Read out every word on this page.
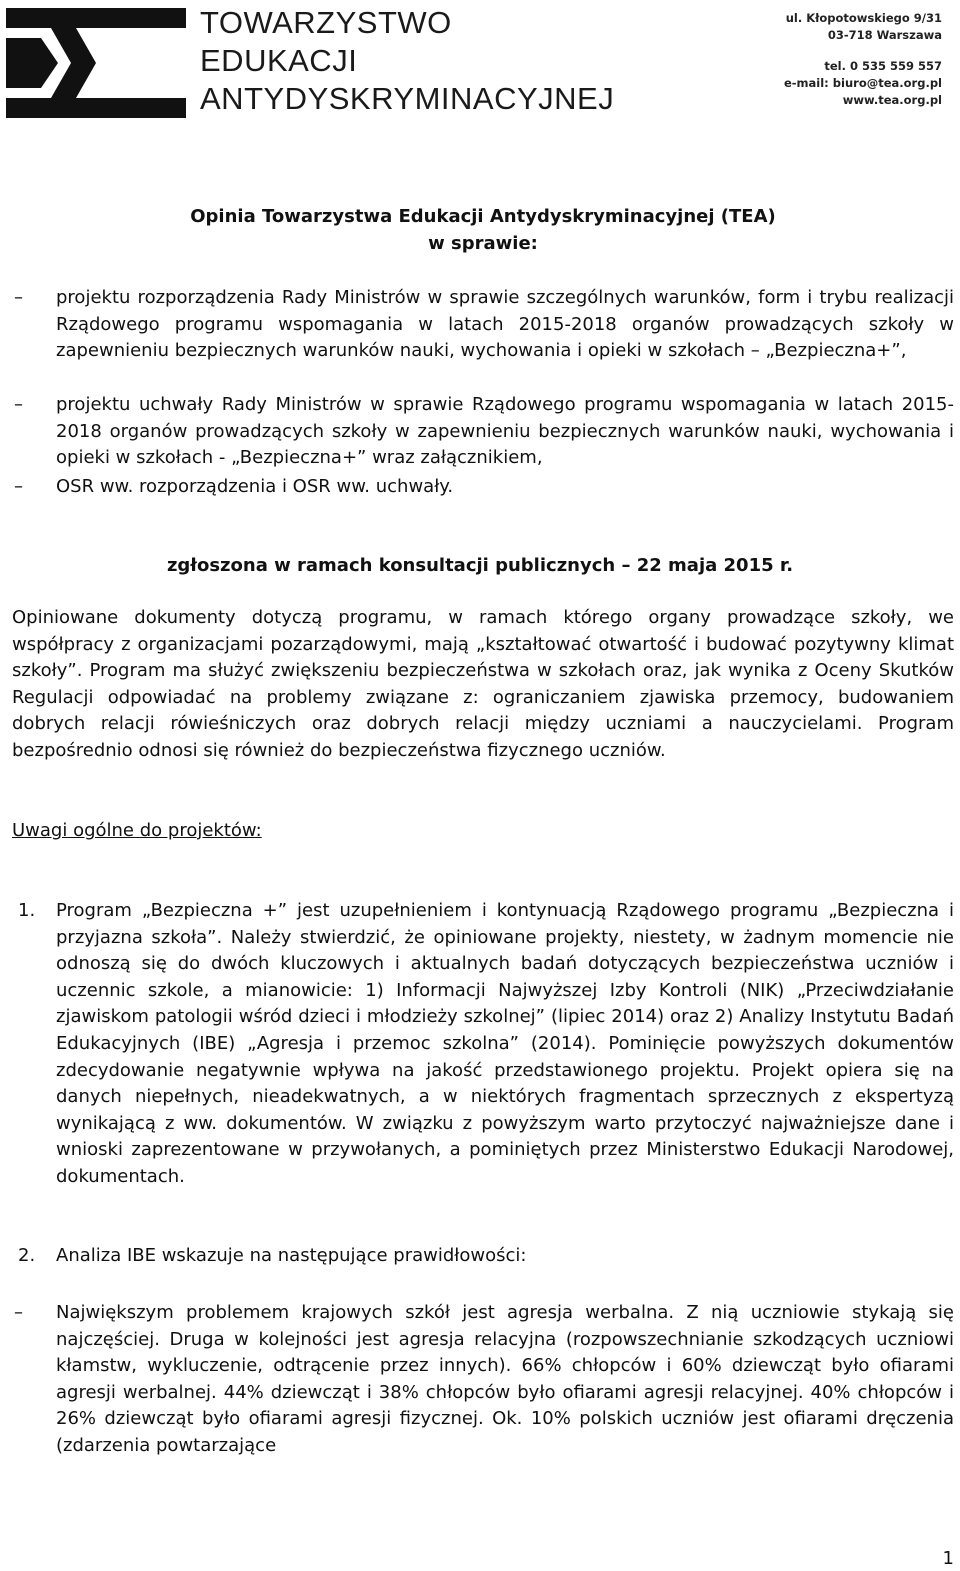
TOWARZYSTWO
EDUKACJI
ANTYDYSKRYMINACYJNEJ
ul. Kłopotowskiego 9/31
03-718 Warszawa
tel. 0 535 559 557
e-mail: biuro@tea.org.pl
www.tea.org.pl
Opinia Towarzystwa Edukacji Antydyskryminacyjnej (TEA)
w sprawie:
– projektu rozporządzenia Rady Ministrów w sprawie szczególnych warunków, form i trybu realizacji Rządowego programu wspomagania w latach 2015-2018 organów prowadzących szkoły w zapewnieniu bezpiecznych warunków nauki, wychowania i opieki w szkołach – „Bezpieczna+”,
– projektu uchwały Rady Ministrów w sprawie Rządowego programu wspomagania w latach 2015-2018 organów prowadzących szkoły w zapewnieniu bezpiecznych warunków nauki, wychowania i opieki w szkołach - „Bezpieczna+” wraz załącznikiem,
– OSR ww. rozporządzenia i OSR ww. uchwały.
zgłoszona w ramach konsultacji publicznych – 22 maja 2015 r.
Opiniowane dokumenty dotyczą programu, w ramach którego organy prowadzące szkoły, we współpracy z organizacjami pozarządowymi, mają „kształtować otwartość i budować pozytywny klimat szkoły”. Program ma służyć zwiększeniu bezpieczeństwa w szkołach oraz, jak wynika z Oceny Skutków Regulacji odpowiadać na problemy związane z: ograniczaniem zjawiska przemocy, budowaniem dobrych relacji rówieśniczych oraz dobrych relacji między uczniami a nauczycielami. Program bezpośrednio odnosi się również do bezpieczeństwa fizycznego uczniów.
Uwagi ogólne do projektów:
1. Program „Bezpieczna +” jest uzupełnieniem i kontynuacją Rządowego programu „Bezpieczna i przyjazna szkoła”. Należy stwierdzić, że opiniowane projekty, niestety, w żadnym momencie nie odnoszą się do dwóch kluczowych i aktualnych badań dotyczących bezpieczeństwa uczniów i uczennic szkole, a mianowicie: 1) Informacji Najwyższej Izby Kontroli (NIK) „Przeciwdziałanie zjawiskom patologii wśród dzieci i młodzieży szkolnej” (lipiec 2014) oraz 2) Analizy Instytutu Badań Edukacyjnych (IBE) „Agresja i przemoc szkolna” (2014). Pominięcie powyższych dokumentów zdecydowanie negatywnie wpływa na jakość przedstawionego projektu. Projekt opiera się na danych niepełnych, nieadekwatnych, a w niektórych fragmentach sprzecznych z ekspertyzą wynikającą z ww. dokumentów. W związku z powyższym warto przytoczyć najważniejsze dane i wnioski zaprezentowane w przywołanych, a pominiętych przez Ministerstwo Edukacji Narodowej, dokumentach.
2. Analiza IBE wskazuje na następujące prawidłowości:
– Największym problemem krajowych szkół jest agresja werbalna. Z nią uczniowie stykają się najczęściej. Druga w kolejności jest agresja relacyjna (rozpowszechnianie szkodzących uczniowi kłamstw, wykluczenie, odtrącenie przez innych). 66% chłopców i 60% dziewcząt było ofiarami agresji werbalnej. 44% dziewcząt i 38% chłopców było ofiarami agresji relacyjnej. 40% chłopców i 26% dziewcząt było ofiarami agresji fizycznej. Ok. 10% polskich uczniów jest ofiarami dręczenia (zdarzenia powtarzające
1
